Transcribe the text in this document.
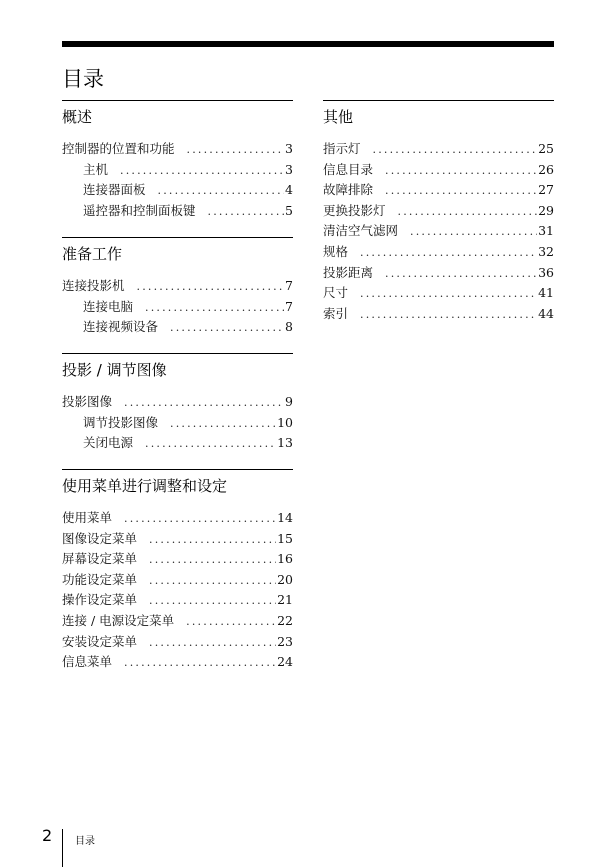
目录
概述
控制器的位置和功能 . . .	3
主机 . . .	3
连接器面板 . . .	4
遥控器和控制面板键 . . .	5
准备工作
连接投影机 . . .	7
连接电脑 . . .	7
连接视频设备 . . .	8
投影 / 调节图像
投影图像 . . .	9
调节投影图像 . . .	10
关闭电源 . . .	13
使用菜单进行调整和设定
使用菜单 . . .	14
图像设定菜单 . . .	15
屏幕设定菜单 . . .	16
功能设定菜单 . . .	20
操作设定菜单 . . .	21
连接 / 电源设定菜单 . . .	22
安装设定菜单 . . .	23
信息菜单 . . .	24
其他
指示灯 . . .	25
信息目录 . . .	26
故障排除 . . .	27
更换投影灯 . . .	29
清洁空气滤网 . . .	31
规格 . . .	32
投影距离 . . .	36
尺寸 . . .	41
索引 . . .	44
2 目录
